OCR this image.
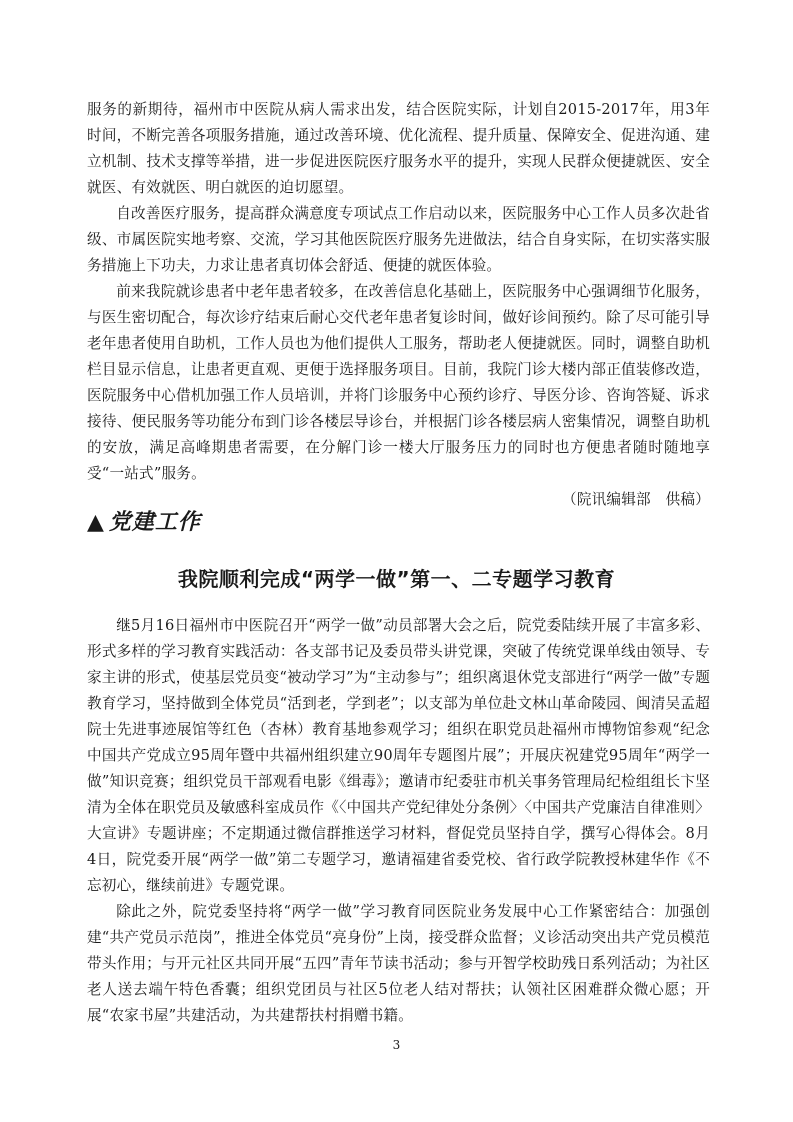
服务的新期待，福州市中医院从病人需求出发，结合医院实际，计划自2015-2017年，用3年时间，不断完善各项服务措施，通过改善环境、优化流程、提升质量、保障安全、促进沟通、建立机制、技术支撑等举措，进一步促进医院医疗服务水平的提升，实现人民群众便捷就医、安全就医、有效就医、明白就医的迫切愿望。

自改善医疗服务，提高群众满意度专项试点工作启动以来，医院服务中心工作人员多次赴省级、市属医院实地考察、交流，学习其他医院医疗服务先进做法，结合自身实际，在切实落实服务措施上下功夫，力求让患者真切体会舒适、便捷的就医体验。

前来我院就诊患者中老年患者较多，在改善信息化基础上，医院服务中心强调细节化服务，与医生密切配合，每次诊疗结束后耐心交代老年患者复诊时间，做好诊间预约。除了尽可能引导老年患者使用自助机，工作人员也为他们提供人工服务，帮助老人便捷就医。同时，调整自助机栏目显示信息，让患者更直观、更便于选择服务项目。目前，我院门诊大楼内部正值装修改造，医院服务中心借机加强工作人员培训，并将门诊服务中心预约诊疗、导医分诊、咨询答疑、诉求接待、便民服务等功能分布到门诊各楼层导诊台，并根据门诊各楼层病人密集情况，调整自助机的安放，满足高峰期患者需要，在分解门诊一楼大厅服务压力的同时也方便患者随时随地享受“一站式”服务。

（院讯编辑部　供稿）
▲ 党建工作
我院顺利完成“两学一做”第一、二专题学习教育

继5月16日福州市中医院召开“两学一做”动员部署大会之后，院党委陆续开展了丰富多彩、形式多样的学习教育实践活动：各支部书记及委员带头讲党课，突破了传统党课单线由领导、专家主讲的形式，使基层党员变“被动学习”为“主动参与”；组织离退休党支部进行“两学一做”专题教育学习，坚持做到全体党员“活到老，学到老”；以支部为单位赴文林山革命陵园、闽清吴孟超院士先进事迹展馆等红色（杏林）教育基地参观学习；组织在职党员赴福州市博物馆参观“纪念中国共产党成立95周年暨中共福州组织建立90周年专题图片展”；开展庆祝建党95周年“两学一做”知识竞赛；组织党员干部观看电影《缉毒》；邀请市纪委驻市机关事务管理局纪检组组长卞坚清为全体在职党员及敏感科室成员作《〈中国共产党纪律处分条例〉〈中国共产党廉洁自律准则〉大宣讲》专题讲座；不定期通过微信群推送学习材料，督促党员坚持自学，撰写心得体会。8月4日，院党委开展“两学一做”第二专题学习，邀请福建省委党校、省行政学院教授林建华作《不忘初心，继续前进》专题党课。

除此之外，院党委坚持将“两学一做”学习教育同医院业务发展中心工作紧密结合：加强创建“共产党员示范岗”，推进全体党员“亮身份”上岗，接受群众监督；义诊活动突出共产党员模范带头作用；与开元社区共同开展“五四”青年节读书活动；参与开智学校助残日系列活动；为社区老人送去端午特色香囊；组织党团员与社区5位老人结对帮扶；认领社区困难群众微心愿；开展“农家书屋”共建活动，为共建帮扶村捐赠书籍。

3
